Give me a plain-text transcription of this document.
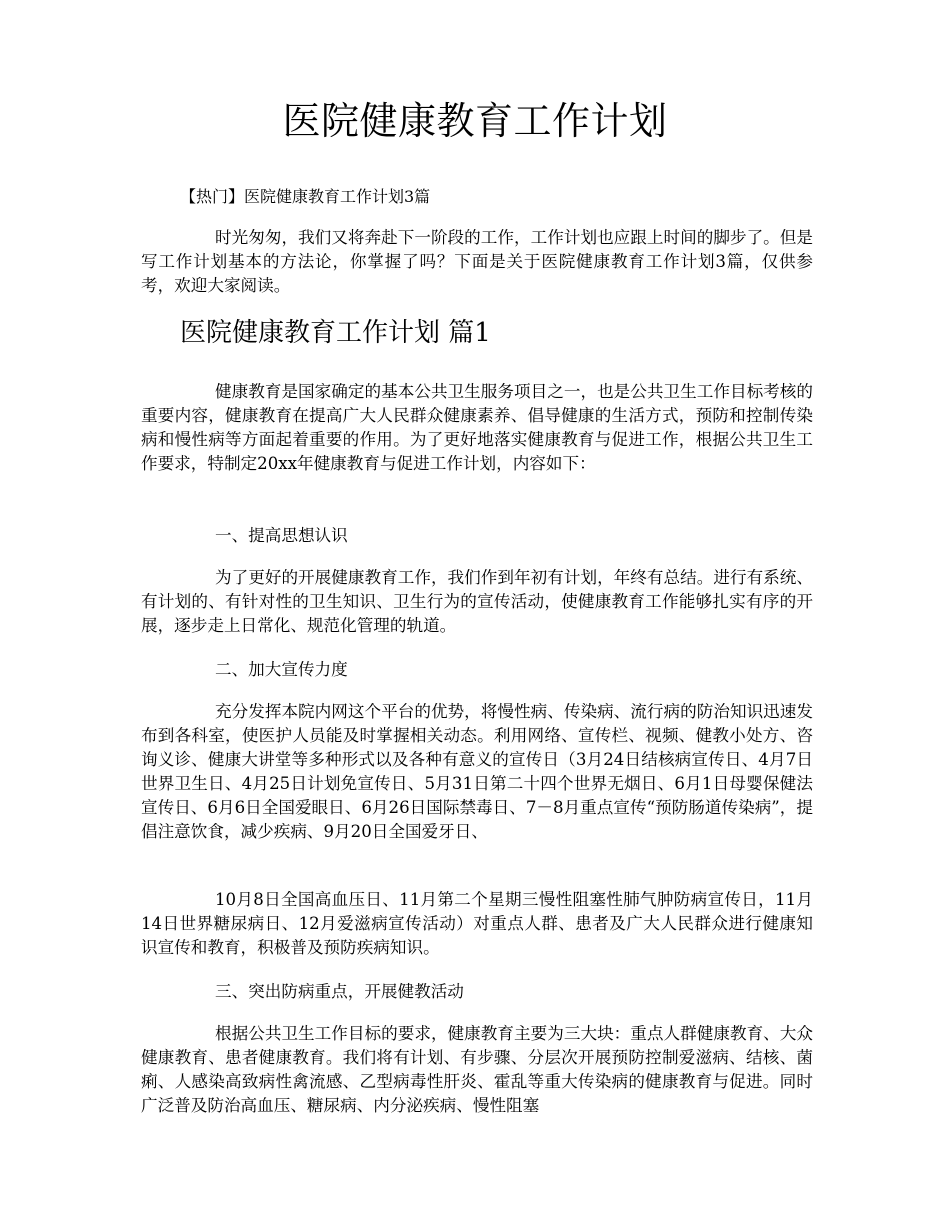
医院健康教育工作计划

【热门】医院健康教育工作计划3篇

时光匆匆，我们又将奔赴下一阶段的工作，工作计划也应跟上时间的脚步了。但是写工作计划基本的方法论，你掌握了吗？下面是关于医院健康教育工作计划3篇，仅供参考，欢迎大家阅读。

医院健康教育工作计划 篇1

健康教育是国家确定的基本公共卫生服务项目之一，也是公共卫生工作目标考核的重要内容，健康教育在提高广大人民群众健康素养、倡导健康的生活方式，预防和控制传染病和慢性病等方面起着重要的作用。为了更好地落实健康教育与促进工作，根据公共卫生工作要求，特制定20xx年健康教育与促进工作计划，内容如下：

一、提高思想认识

为了更好的开展健康教育工作，我们作到年初有计划，年终有总结。进行有系统、有计划的、有针对性的卫生知识、卫生行为的宣传活动，使健康教育工作能够扎实有序的开展，逐步走上日常化、规范化管理的轨道。

二、加大宣传力度

充分发挥本院内网这个平台的优势，将慢性病、传染病、流行病的防治知识迅速发布到各科室，使医护人员能及时掌握相关动态。利用网络、宣传栏、视频、健教小处方、咨询义诊、健康大讲堂等多种形式以及各种有意义的宣传日（3月24日结核病宣传日、4月7日世界卫生日、4月25日计划免宣传日、5月31日第二十四个世界无烟日、6月1日母婴保健法宣传日、6月6日全国爱眼日、6月26日国际禁毒日、7－8月重点宣传“预防肠道传染病”，提倡注意饮食，减少疾病、9月20日全国爱牙日、

10月8日全国高血压日、11月第二个星期三慢性阻塞性肺气肿防病宣传日，11月14日世界糖尿病日、12月爱滋病宣传活动）对重点人群、患者及广大人民群众进行健康知识宣传和教育，积极普及预防疾病知识。

三、突出防病重点，开展健教活动

根据公共卫生工作目标的要求，健康教育主要为三大块：重点人群健康教育、大众健康教育、患者健康教育。我们将有计划、有步骤、分层次开展预防控制爱滋病、结核、菌痢、人感染高致病性禽流感、乙型病毒性肝炎、霍乱等重大传染病的健康教育与促进。同时广泛普及防治高血压、糖尿病、内分泌疾病、慢性阻塞
